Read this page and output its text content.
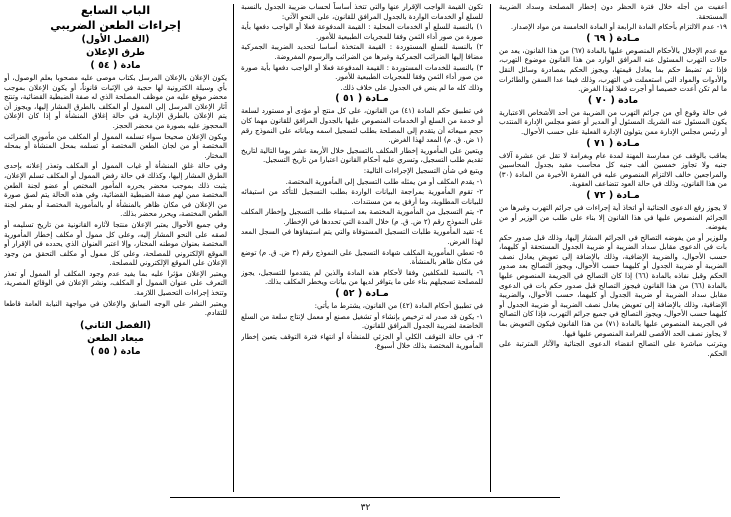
أعفيت من أجله خلال فترة الحظر دون إخطار المصلحة وسداد الضريبة المستحقة.
١٩- عدم الالتزام بأحكام المادة الرابعة أو المادة الخامسة من مواد الإصدار.
مـادة ( ٦٩ )
مع عدم الإخلال بالأحكام المنصوص عليها بالمادة (٦٧) من هذا القانون، يعد من حالات التهرب المسئول عنه المرافق الوارد من هذا القانون موضوع التهرب، فإذا تم تضبط حكم بما يعادل قيمتها، ويجوز الحكم بمصادرة وسائل النقل والأدوات والمواد التي استعملت في التهرب، وذلك فيما عدا السفن والطائرات ما لم تكن أعدت خصيصا أو أجرت فعلا لهذا الغرض.
مادة ( ٧٠ )
في حالة وقوع أي من جرائم التهرب من الضريبة من أحد الأشخاص الاعتبارية يكون المسئول عنه الشريك المسئول أو المدير أو عضو مجلس الإدارة المنتدب أو رئيس مجلس الإدارة ممن يتولون الإدارة الفعلية على حسب الأحوال.
مـادة ( ٧١ )
يعاقب بالوقف عن ممارسة المهنة لمدة عام وبغرامة لا تقل عن عشرة آلاف جنيه ولا تجاوز خمسين ألف جنيه كل محاسب مقيد بجدول المحاسبين والمراجعين خالف الالتزام المنصوص عليه في الفقرة الأخيرة من المادة (٣٠) من هذا القانون، وذلك في حالة العود تتضاعف العقوبة.
مـادة ( ٧٢ )
لا يجوز رفع الدعوى الجنائية أو اتخاذ أية إجراءات في جرائم التهرب وغيرها من الجرائم المنصوص عليها في هذا القانون إلا بناء على طلب من الوزير أو من يفوضه.
وللوزير أو من يفوضه التصالح في الجرائم المشار إليها، وذلك قبل صدور حكم بات في الدعوى مقابل سداد الضريبة أو ضريبة الجدول المستحقة أو كليهما، حسب الأحوال، والضريبة الإضافية، وذلك بالإضافة إلى تعويض يعادل نصف الضريبة أو ضريبة الجدول أو كليهما حسب الأحوال، ويجوز التصالح بعد صدور الحكم وقبل نفاذه بالمادة (٦٦) إذا كان التصالح في الجريمة المنصوص عليها بالمادة (٦٦) من هذا القانون فيجوز التصالح قبل صدور حكم بات في الدعوى مقابل سداد الضريبة أو ضريبة الجدول أو كليهما، حسب الأحوال، والضريبة الإضافية، وذلك بالإضافة إلى تعويض يعادل نصف الضريبة أو ضريبة الجدول أو كليهما حسب الأحوال، ويجوز التصالح في جميع جرائم التهرب، فإذا كان التصالح في الجريمة المنصوص عليها بالمادة (٧١) من هذا القانون فيكون التعويض بما لا يجاوز نصف الحد الأقصى للغرامة المنصوص عليها فيها.
ويترتب مباشرة على التصالح انقضاء الدعوى الجنائية والآثار المترتبة على الحكم.
تكون القيمة الواجب الإقرار عنها والتي تتخذ أساساً لحساب ضريبة الجدول بالنسبة للسلع أو الخدمات الواردة بالجدول المرافق للقانون، على النحو الآتي:
١) بالنسبة للسلع أو الخدمات المحلية : القيمة المدفوعة فعلا أو الواجب دفعها بأية صورة من صور أداء الثمن وفقا للمجريات الطبيعية للأمور.
٢) بالنسبة للسلع المستوردة : القيمة المتخذة أساسا لتحديد الضريبة الجمركية مضافا إليها الضرائب الجمركية وغيرها من الضرائب والرسوم المفروضة.
٣) بالنسبة للخدمات المستوردة : القيمة المدفوعة فعلا أو الواجب دفعها بأية صورة من صور أداء الثمن وفقا للمجريات الطبيعية للأمور.
وذلك كله ما لم ينص في الجدول على خلاف ذلك.
مـادة ( ٥١ )
في تطبيق حكم المادة (٤١) من القانون، على كل منتج أو مؤدى أو مستورد لسلعة أو خدمة من السلع أو الخدمات المنصوص عليها بالجدول المرافق للقانون مهما كان حجم مبيعاته أن يتقدم إلى المصلحة بطلب لتسجيل اسمه وبياناته على النموذج رقم (١ ض. ق. م) المعد لهذا الغرض.
ويتعين على المأمورية إخطار المكلف بالتسجيل خلال الأربعة عشر يوما التالية لتاريخ تقديم طلب التسجيل، وتسري عليه أحكام القانون اعتبارا من تاريخ التسجيل.
ويتبع في شأن التسجيل الإجراءات التالية:
١- يقدم المكلف أو من يمثله طلب التسجيل إلى المأمورية المختصة.
٢- تقوم المأمورية بمراجعة البيانات الواردة بطلب التسجيل للتأكد من استيفائه للبيانات المطلوبة، وما أرفق به من مستندات.
٣- يتم التسجيل من المأمورية المختصة بعد استيفاء طلب التسجيل وإخطار المكلف على النموذج رقم (٢ ض. ق. م) خلال المدة التي تحددها في الإخطار.
٤- تقيد المأمورية طلبات التسجيل المستوفاة والتي يتم استيفاؤها في السجل المعد لهذا الغرض.
٥- تعطي المأمورية المكلف شهادة التسجيل على النموذج رقم (٣ ض. ق. م) توضع في مكان ظاهر بالمنشأة.
٦- بالنسبة للمكلفين وفقا لأحكام هذه المادة والذين لم يتقدموا للتسجيل، يجوز للمصلحة تسجيلهم بناء على ما يتوافر لديها من بيانات ويخطر المكلف بذلك.
مـادة ( ٥٢ )
في تطبيق أحكام المادة (٤٢) من القانون، يشترط ما يأتي:
١- يكون قد صدر له ترخيص بإنشاء أو تشغيل مصنع أو معمل لإنتاج سلعة من السلع الخاضعة لضريبة الجدول المرافق للقانون.
٢- في حالة التوقف الكلي أو الجزئي للمنشأة أو انتهاء فترة التوقف يتعين إخطار المأمورية المختصة بذلك خلال أسبوع.
الباب السابع
إجراءات الطعن الضريبي
(الفصل الأول)
طرق الإعلان
مادة ( ٥٤ )
يكون الإعلان بالإعلان المرسل بكتاب موصى عليه مصحوبا بعلم الوصول، أو بأي وسيلة الكترونية لها حجية في الإثبات قانوناً، أو يكون الإعلان بموجب محضر موقع عليه من موظف المصلحة الذي له صفة الضبطية القضائية، وتنتج آثار الإعلان المرسل إلى الممول أو المكلف بالطرق المشار إليها، ويجوز أن يتم الإعلان بالطرق الإدارية في حالة إغلاق المنشأة أو إذا كان الإعلان المحجوز عليه بصورة من محضر الحجز.
ويكون الإعلان صحيحا سواء تسلمه الممول أو المكلف من مأموري الضرائب المختصة أو من لجان الطعن المختصة أو تسلمه بمحل المنشأة أو بمحله المختار.
وفي حالة غلق المنشأة أو غياب الممول أو المكلف وتعذر إعلانه بإحدى الطرق المشار إليها، وكذلك في حالة رفض الممول أو المكلف تسلم الإعلان، يثبت ذلك بموجب محضر يحرره المأمور المختص أو عضو لجنة الطعن المختصة ممن لهم صفة الضبطية القضائية، وفي هذه الحالة يتم لصق صورة من الإعلان في مكان ظاهر بالمنشأة أو بالمأمورية المختصة أو بمقر لجنة الطعن المختصة، ويحرر محضر بذلك.
وفي جميع الأحوال يعتبر الإعلان منتجا لآثاره القانونية من تاريخ تسليمه أو لصقه على النحو المشار إليه، وعلى كل ممول أو مكلف إخطار المأمورية المختصة بعنوان موطنه المختار، وإلا اعتبر العنوان الذي يحدده في الإقرار أو الموقع الإلكتروني للمصلحة، وعلى كل ممول أو مكلف التحقق من وجود الإعلان على الموقع الإلكتروني للمصلحة.
ويعتبر الإعلان مؤثرا عليه بما يفيد عدم وجود المكلف أو الممول أو تعذر التعرف على عنوان الممول أو المكلف، ونشر الإعلان في الوقائع المصرية، وتتخذ إجراءات التحصيل اللازمة.
ويعتبر النشر على الوجه السابق والإعلان في مواجهة النيابة العامة قاطعا للتقادم.
(الفصل الثاني)
ميعاد الطعن
مادة ( ٥٥ )
٣٢
